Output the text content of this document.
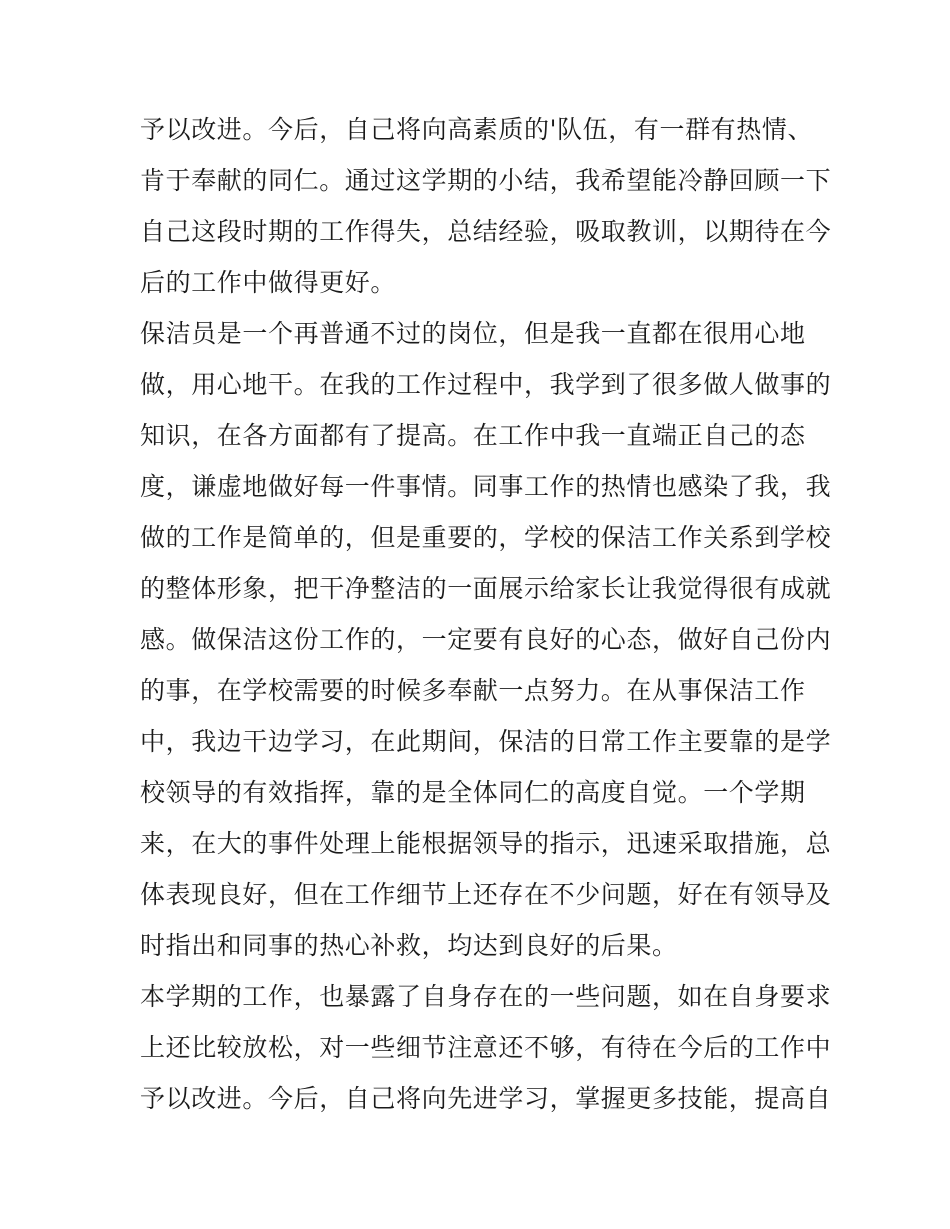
予以改进。今后，自己将向高素质的'队伍，有一群有热情、
肯于奉献的同仁。通过这学期的小结，我希望能冷静回顾一下
自己这段时期的工作得失，总结经验，吸取教训，以期待在今
后的工作中做得更好。
保洁员是一个再普通不过的岗位，但是我一直都在很用心地
做，用心地干。在我的工作过程中，我学到了很多做人做事的
知识，在各方面都有了提高。在工作中我一直端正自己的态
度，谦虚地做好每一件事情。同事工作的热情也感染了我，我
做的工作是简单的，但是重要的，学校的保洁工作关系到学校
的整体形象，把干净整洁的一面展示给家长让我觉得很有成就
感。做保洁这份工作的，一定要有良好的心态，做好自己份内
的事，在学校需要的时候多奉献一点努力。在从事保洁工作
中，我边干边学习，在此期间，保洁的日常工作主要靠的是学
校领导的有效指挥，靠的是全体同仁的高度自觉。一个学期
来，在大的事件处理上能根据领导的指示，迅速采取措施，总
体表现良好，但在工作细节上还存在不少问题，好在有领导及
时指出和同事的热心补救，均达到良好的后果。
本学期的工作，也暴露了自身存在的一些问题，如在自身要求
上还比较放松，对一些细节注意还不够，有待在今后的工作中
予以改进。今后，自己将向先进学习，掌握更多技能，提高自
